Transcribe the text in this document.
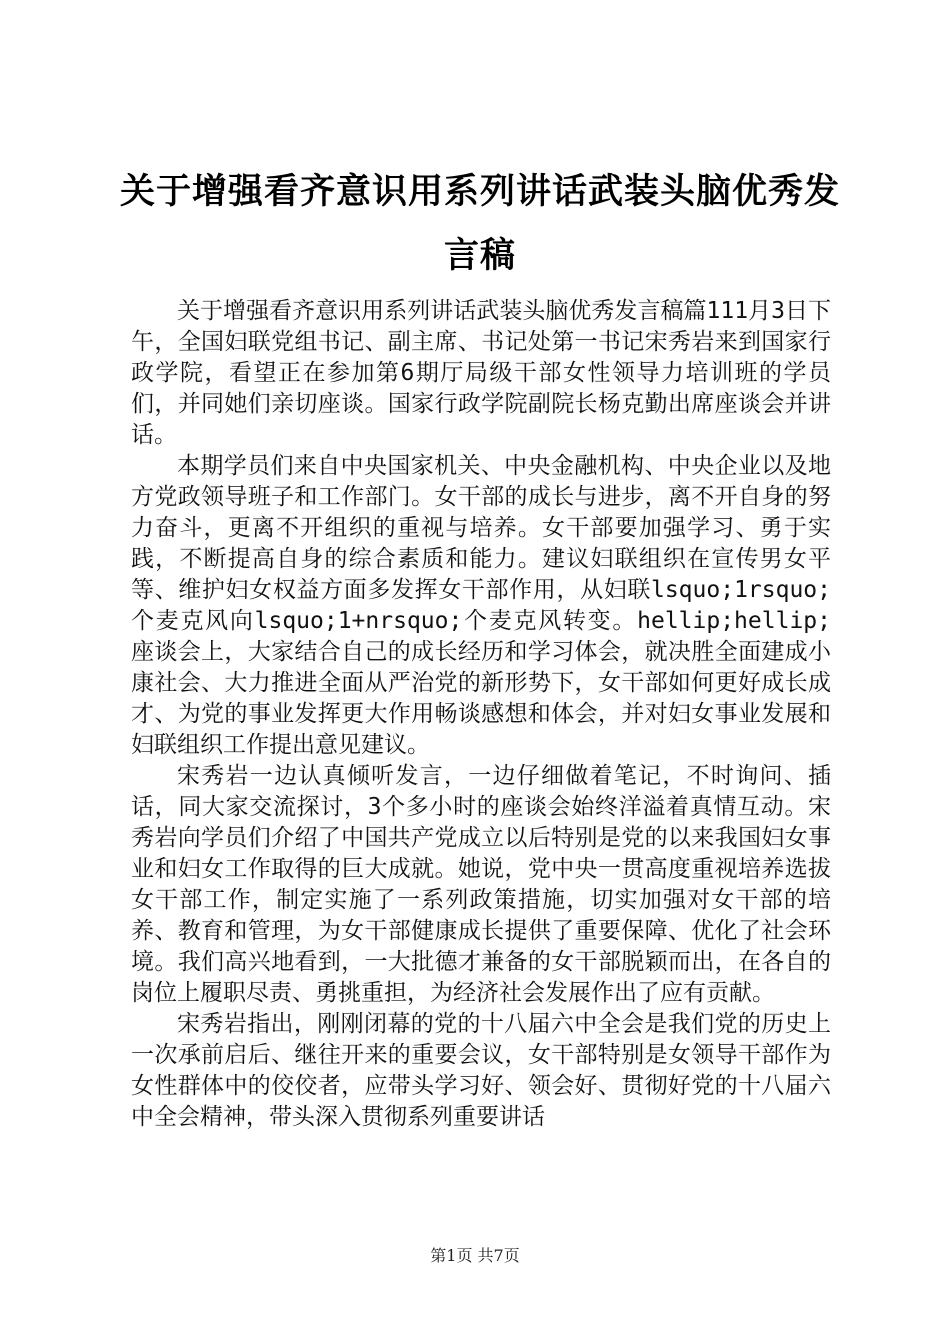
关于增强看齐意识用系列讲话武装头脑优秀发言稿

关于增强看齐意识用系列讲话武装头脑优秀发言稿篇111月3日下午，全国妇联党组书记、副主席、书记处第一书记宋秀岩来到国家行政学院，看望正在参加第6期厅局级干部女性领导力培训班的学员们，并同她们亲切座谈。国家行政学院副院长杨克勤出席座谈会并讲话。

本期学员们来自中央国家机关、中央金融机构、中央企业以及地方党政领导班子和工作部门。女干部的成长与进步，离不开自身的努力奋斗，更离不开组织的重视与培养。女干部要加强学习、勇于实践，不断提高自身的综合素质和能力。建议妇联组织在宣传男女平等、维护妇女权益方面多发挥女干部作用，从妇联lsquo;1rsquo;个麦克风向lsquo;1+nrsquo;个麦克风转变。hellip;hellip;座谈会上，大家结合自己的成长经历和学习体会，就决胜全面建成小康社会、大力推进全面从严治党的新形势下，女干部如何更好成长成才、为党的事业发挥更大作用畅谈感想和体会，并对妇女事业发展和妇联组织工作提出意见建议。

宋秀岩一边认真倾听发言，一边仔细做着笔记，不时询问、插话，同大家交流探讨，3个多小时的座谈会始终洋溢着真情互动。宋秀岩向学员们介绍了中国共产党成立以后特别是党的以来我国妇女事业和妇女工作取得的巨大成就。她说，党中央一贯高度重视培养选拔女干部工作，制定实施了一系列政策措施，切实加强对女干部的培养、教育和管理，为女干部健康成长提供了重要保障、优化了社会环境。我们高兴地看到，一大批德才兼备的女干部脱颖而出，在各自的岗位上履职尽责、勇挑重担，为经济社会发展作出了应有贡献。

宋秀岩指出，刚刚闭幕的党的十八届六中全会是我们党的历史上一次承前启后、继往开来的重要会议，女干部特别是女领导干部作为女性群体中的佼佼者，应带头学习好、领会好、贯彻好党的十八届六中全会精神，带头深入贯彻系列重要讲话

第1页 共7页
